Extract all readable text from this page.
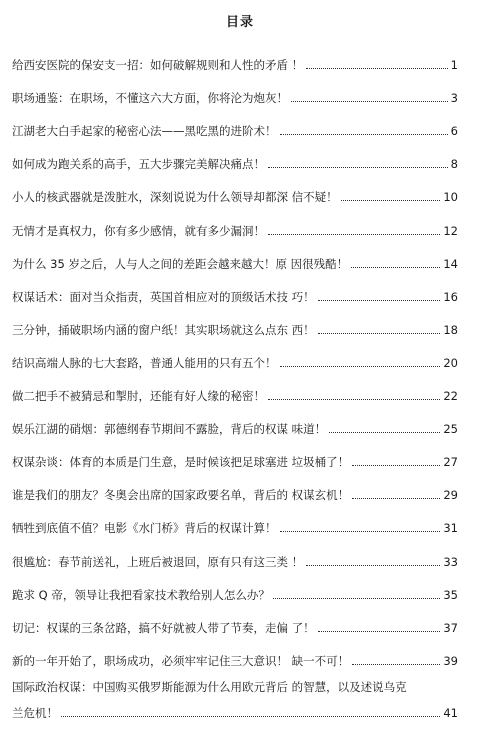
目录
给西安医院的保安支一招：如何破解规则和人性的矛盾 ！	1
职场通鉴：在职场，不懂这六大方面，你将沦为炮灰！	3
江湖老大白手起家的秘密心法——黑吃黑的进阶术！	6
如何成为跑关系的高手，五大步骤完美解决痛点！	8
小人的核武器就是泼脏水，深刻说说为什么领导却都深 信不疑！	10
无情才是真权力，你有多少感情，就有多少漏洞！	12
为什么 35 岁之后，人与人之间的差距会越来越大！原 因很残酷！	14
权谋话术：面对当众指责，英国首相应对的顶级话术技 巧！	16
三分钟，捅破职场内涵的窗户纸！其实职场就这么点东 西！	18
结识高端人脉的七大套路，普通人能用的只有五个！	20
做二把手不被猜忌和掣肘，还能有好人缘的秘密！	22
娱乐江湖的硝烟：郭德纲春节期间不露脸，背后的权谋 味道！	25
权谋杂谈：体育的本质是门生意，是时候该把足球塞进 垃圾桶了！	27
谁是我们的朋友？冬奥会出席的国家政要名单，背后的 权谋玄机！	29
牺牲到底值不值？电影《水门桥》背后的权谋计算！	31
很尴尬：春节前送礼，上班后被退回，原有只有这三类 ！	33
跪求 Q 帝，领导让我把看家技术教给别人怎么办？	35
切记：权谋的三条岔路，搞不好就被人带了节奏，走偏 了！	37
新的一年开始了，职场成功，必须牢牢记住三大意识！ 缺一不可！	39
国际政治权谋：中国购买俄罗斯能源为什么用欧元背后 的智慧，以及述说乌克
兰危机！	41
